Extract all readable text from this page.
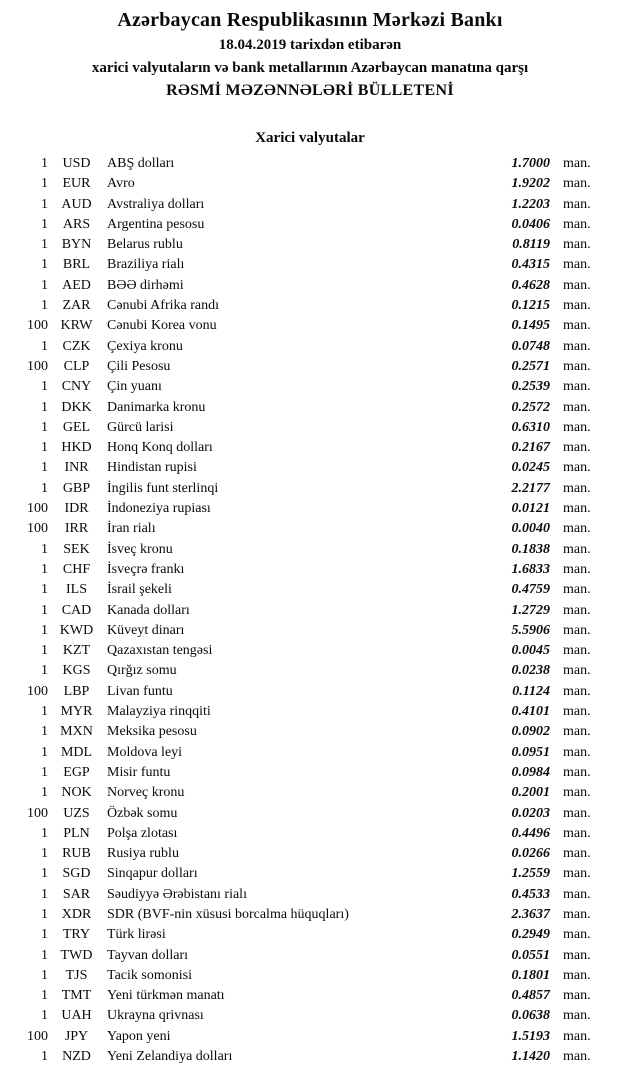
Azərbaycan Respublikasının Mərkəzi Bankı
18.04.2019 tarixdən etibarən
xarici valyutaların və bank metallarının Azərbaycan manatına qarşı
RƏSMİ MƏZƏNNƏLƏRİ BÜLLETENİ
Xarici valyutalar
1	USD	ABŞ dolları	1.7000 man.
1	EUR	Avro	1.9202 man.
1 AUD	Avstraliya dolları	1.2203 man.
1	ARS	Argentina pesosu	0.0406 man.
1 BYN	Belarus rublu	0.8119 man.
1	BRL	Braziliya rialı	0.4315 man.
1	AED	BƏƏ dirhəmi	0.4628 man.
1	ZAR	Cənubi Afrika randı	0.1215 man.
100 KRW	Cənubi Korea vonu	0.1495 man.
1	CZK	Çexiya kronu	0.0748 man.
100	CLP	Çili Pesosu	0.2571 man.
1 CNY	Çin yuanı	0.2539 man.
1 DKK	Danimarka kronu	0.2572 man.
1	GEL	Gürcü larisi	0.6310 man.
1 HKD	Honq Konq dolları	0.2167 man.
1	INR	Hindistan rupisi	0.0245 man.
1	GBP	İngilis funt sterlinqi	2.2177 man.
100	IDR	İndoneziya rupiası	0.0121 man.
100	IRR	İran rialı	0.0040 man.
1	SEK	İsveç kronu	0.1838 man.
1	CHF	İsveçrə frankı	1.6833 man.
1	ILS	İsrail şekeli	0.4759 man.
1 CAD	Kanada dolları	1.2729 man.
1 KWD Küveyt dinarı	5.5906 man.
1	KZT	Qazaxıstan tengəsi	0.0045 man.
1	KGS	Qırğız somu	0.0238 man.
100	LBP	Livan funtu	0.1124 man.
1 MYR	Malayziya rinqqiti	0.4101 man.
1 MXN	Meksika pesosu	0.0902 man.
1 MDL	Moldova leyi	0.0951 man.
1	EGP	Misir funtu	0.0984 man.
1 NOK	Norveç kronu	0.2001 man.
100	UZS	Özbək somu	0.0203 man.
1	PLN	Polşa zlotası	0.4496 man.
1	RUB	Rusiya rublu	0.0266 man.
1	SGD	Sinqapur dolları	1.2559 man.
1	SAR	Səudiyyə Ərəbistanı rialı	0.4533 man.
1 XDR	SDR (BVF-nin xüsusi borcalma hüquqları)	2.3637 man.
1	TRY	Türk lirəsi	0.2949 man.
1 TWD	Tayvan dolları	0.0551 man.
1	TJS	Tacik somonisi	0.1801 man.
1 TMT	Yeni türkmən manatı	0.4857 man.
1 UAH	Ukrayna qrivnası	0.0638 man.
100	JPY	Yapon yeni	1.5193 man.
1	NZD	Yeni Zelandiya dolları	1.1420 man.
